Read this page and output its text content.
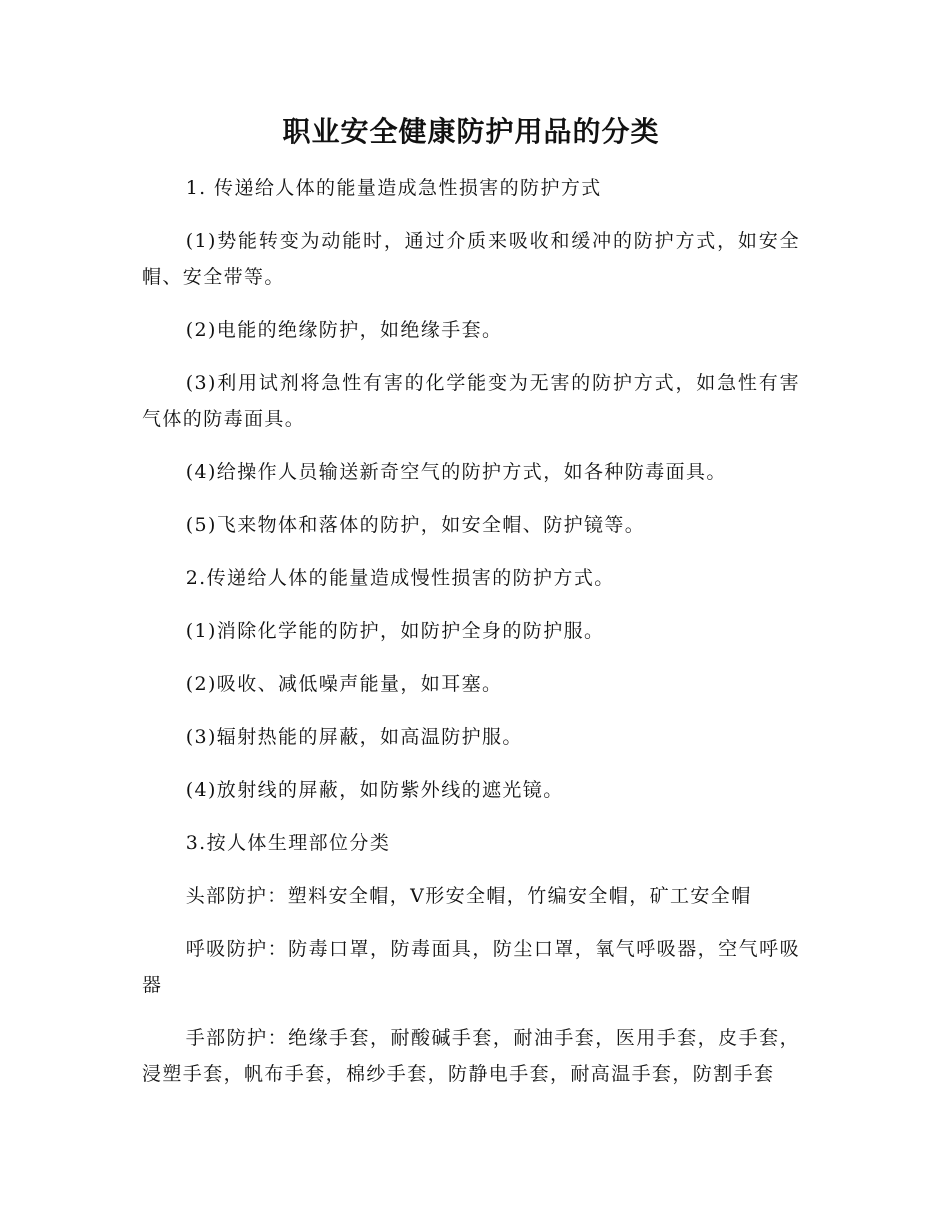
职业安全健康防护用品的分类

1. 传递给人体的能量造成急性损害的防护方式

(1)势能转变为动能时，通过介质来吸收和缓冲的防护方式，如安全帽、安全带等。

(2)电能的绝缘防护，如绝缘手套。

(3)利用试剂将急性有害的化学能变为无害的防护方式，如急性有害气体的防毒面具。

(4)给操作人员输送新奇空气的防护方式，如各种防毒面具。

(5)飞来物体和落体的防护，如安全帽、防护镜等。

2.传递给人体的能量造成慢性损害的防护方式。

(1)消除化学能的防护，如防护全身的防护服。

(2)吸收、减低噪声能量，如耳塞。

(3)辐射热能的屏蔽，如高温防护服。

(4)放射线的屏蔽，如防紫外线的遮光镜。

3.按人体生理部位分类

头部防护：塑料安全帽，V形安全帽，竹编安全帽，矿工安全帽

呼吸防护：防毒口罩，防毒面具，防尘口罩，氧气呼吸器，空气呼吸器

手部防护：绝缘手套，耐酸碱手套，耐油手套，医用手套，皮手套，浸塑手套，帆布手套，棉纱手套，防静电手套，耐高温手套，防割手套
